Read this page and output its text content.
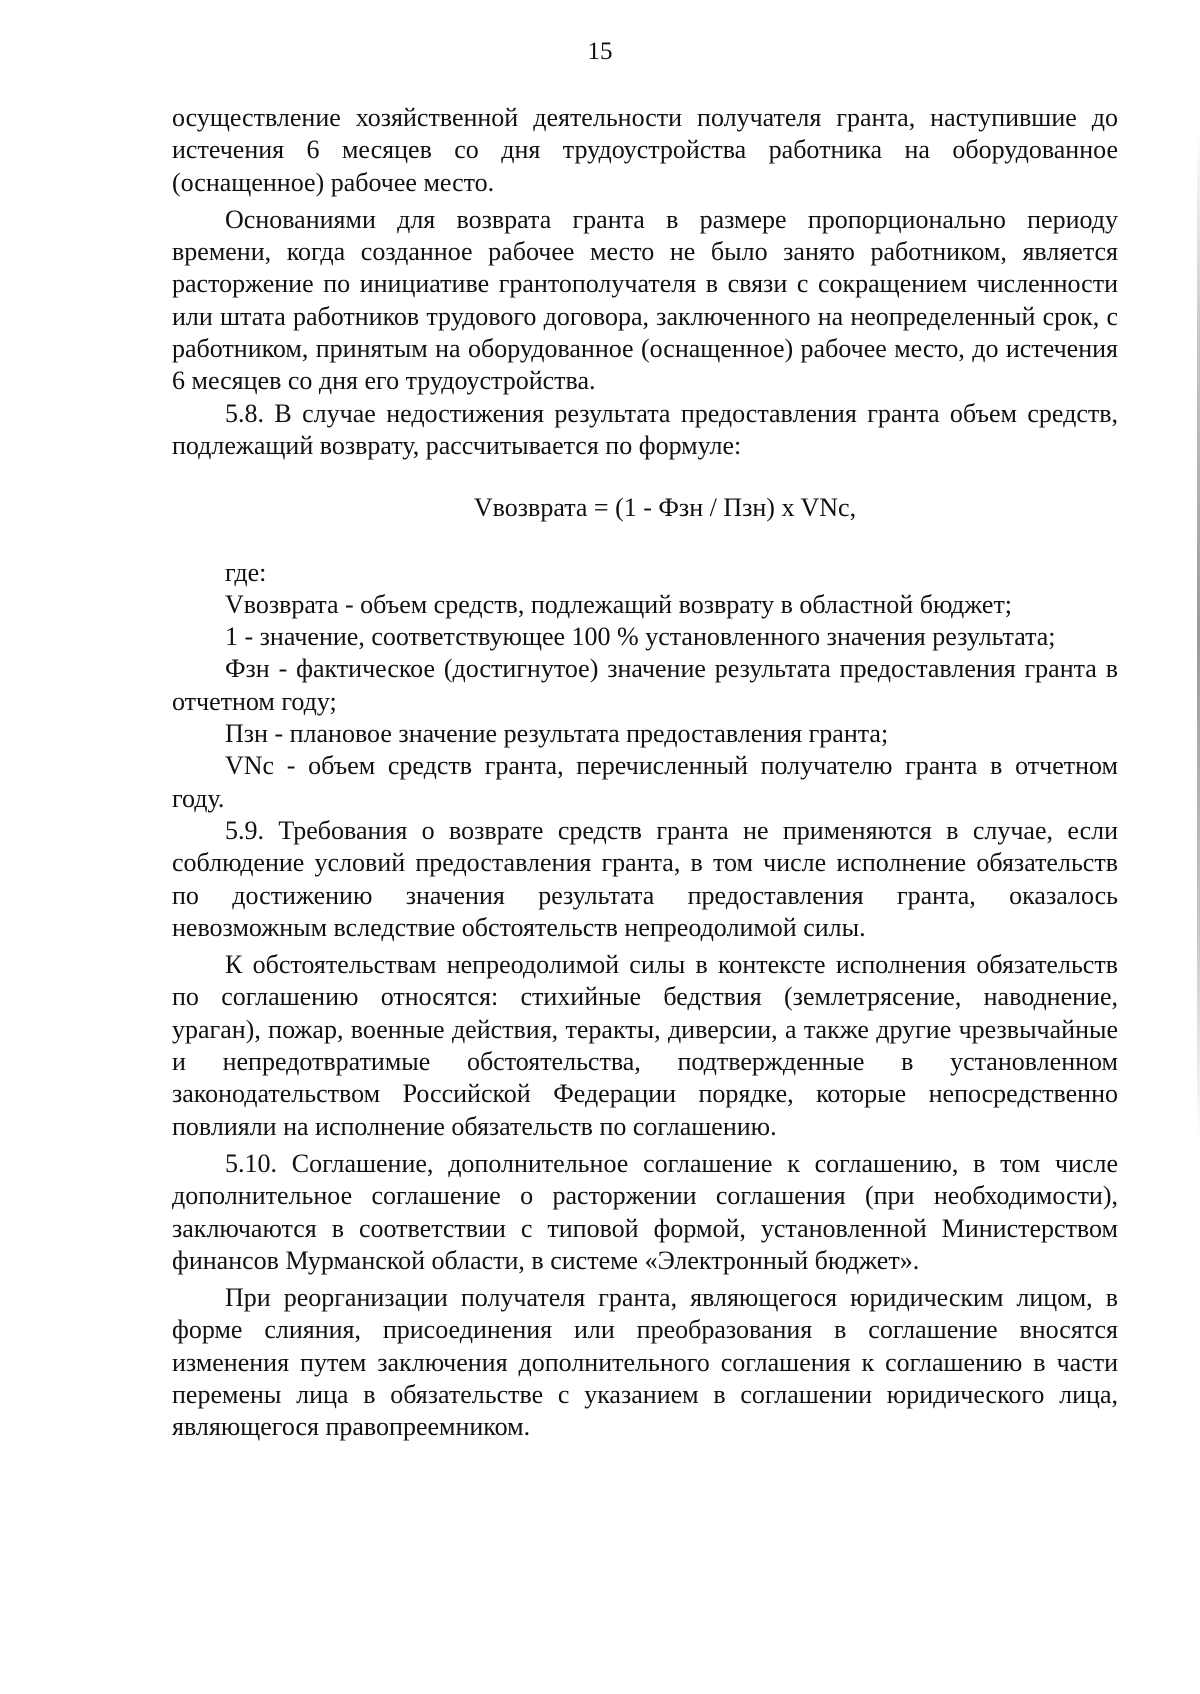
15

осуществление хозяйственной деятельности получателя гранта, наступившие до истечения 6 месяцев со дня трудоустройства работника на оборудованное (оснащенное) рабочее место.

Основаниями для возврата гранта в размере пропорционально периоду времени, когда созданное рабочее место не было занято работником, является расторжение по инициативе грантополучателя в связи с сокращением численности или штата работников трудового договора, заключенного на неопределенный срок, с работником, принятым на оборудованное (оснащенное) рабочее место, до истечения 6 месяцев со дня его трудоустройства.

5.8. В случае недостижения результата предоставления гранта объем средств, подлежащий возврату, рассчитывается по формуле:

Vвозврата = (1 - Фзн / Пзн) x VNc,

где:

Vвозврата - объем средств, подлежащий возврату в областной бюджет;

1 - значение, соответствующее 100 % установленного значения результата;

Фзн - фактическое (достигнутое) значение результата предоставления гранта в отчетном году;

Пзн - плановое значение результата предоставления гранта;

VNc - объем средств гранта, перечисленный получателю гранта в отчетном году.

5.9. Требования о возврате средств гранта не применяются в случае, если соблюдение условий предоставления гранта, в том числе исполнение обязательств по достижению значения результата предоставления гранта, оказалось невозможным вследствие обстоятельств непреодолимой силы.

К обстоятельствам непреодолимой силы в контексте исполнения обязательств по соглашению относятся: стихийные бедствия (землетрясение, наводнение, ураган), пожар, военные действия, теракты, диверсии, а также другие чрезвычайные и непредотвратимые обстоятельства, подтвержденные в установленном законодательством Российской Федерации порядке, которые непосредственно повлияли на исполнение обязательств по соглашению.

5.10. Соглашение, дополнительное соглашение к соглашению, в том числе дополнительное соглашение о расторжении соглашения (при необходимости), заключаются в соответствии с типовой формой, установленной Министерством финансов Мурманской области, в системе «Электронный бюджет».

При реорганизации получателя гранта, являющегося юридическим лицом, в форме слияния, присоединения или преобразования в соглашение вносятся изменения путем заключения дополнительного соглашения к соглашению в части перемены лица в обязательстве с указанием в соглашении юридического лица, являющегося правопреемником.
